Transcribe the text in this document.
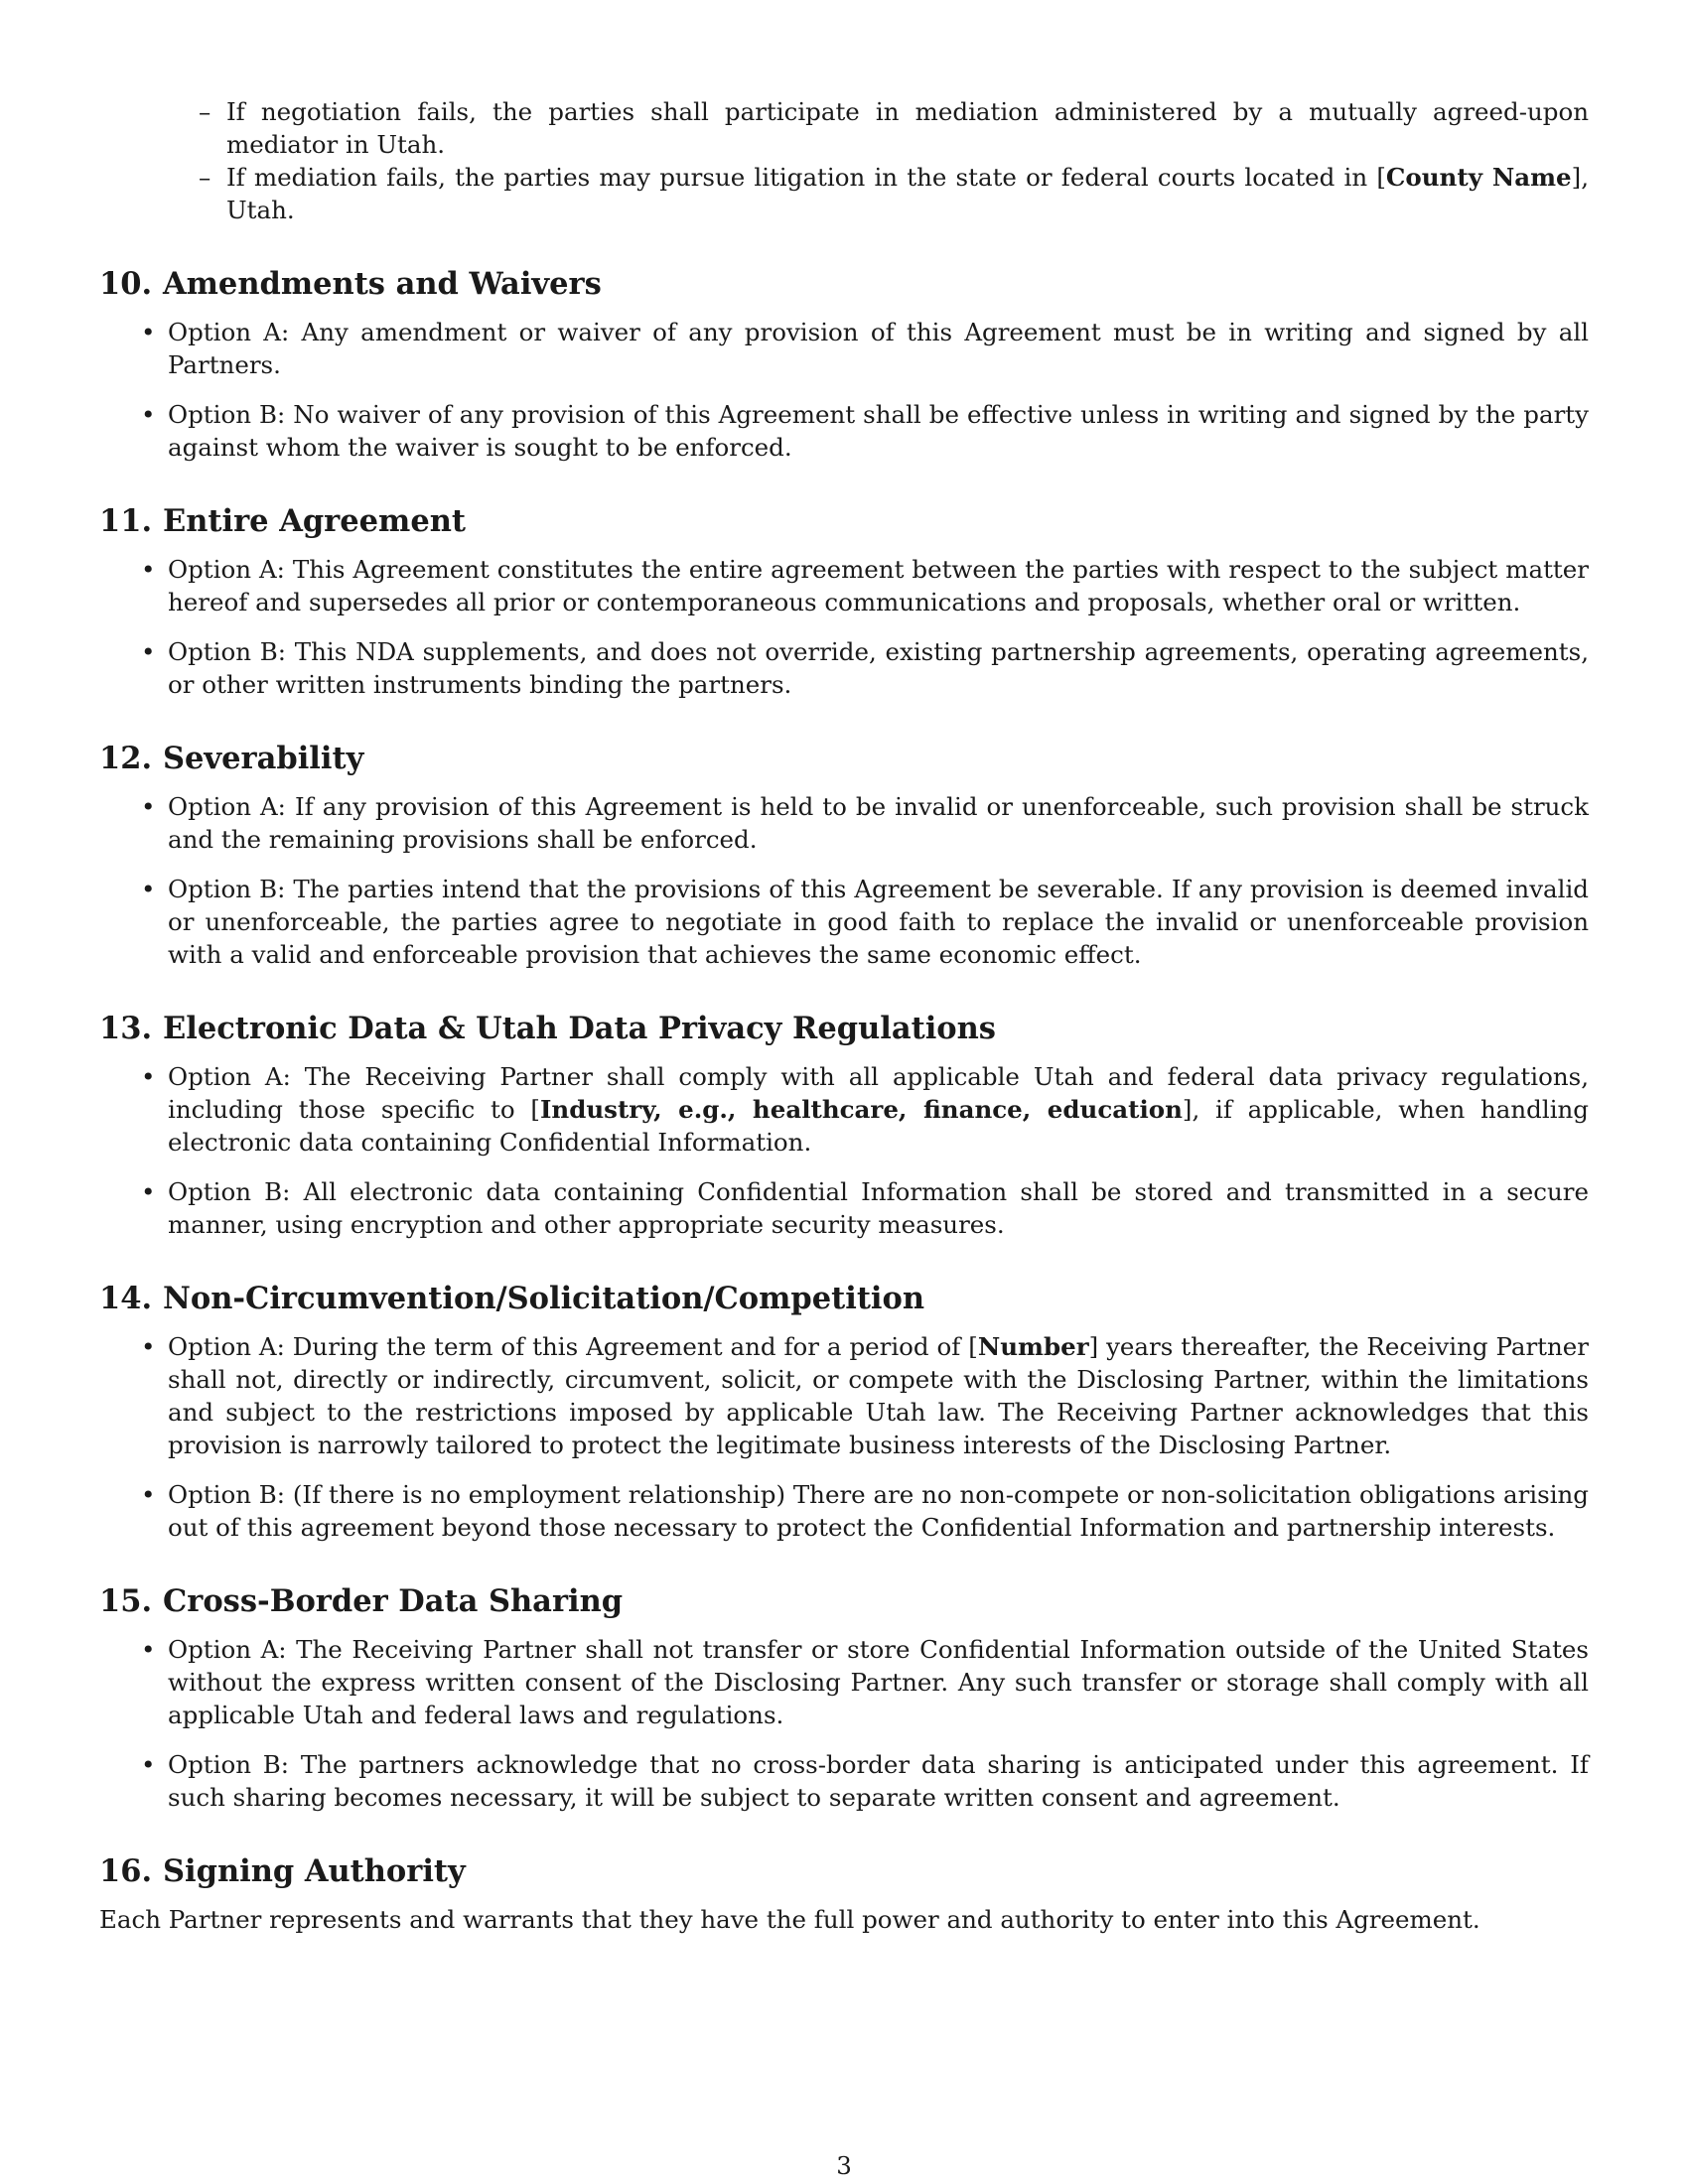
– If negotiation fails, the parties shall participate in mediation administered by a mutually agreed-upon mediator in Utah.
– If mediation fails, the parties may pursue litigation in the state or federal courts located in [County Name], Utah.
10. Amendments and Waivers
• Option A: Any amendment or waiver of any provision of this Agreement must be in writing and signed by all Partners.
• Option B: No waiver of any provision of this Agreement shall be effective unless in writing and signed by the party against whom the waiver is sought to be enforced.
11. Entire Agreement
• Option A: This Agreement constitutes the entire agreement between the parties with respect to the subject matter hereof and supersedes all prior or contemporaneous communications and proposals, whether oral or written.
• Option B: This NDA supplements, and does not override, existing partnership agreements, operating agreements, or other written instruments binding the partners.
12. Severability
• Option A: If any provision of this Agreement is held to be invalid or unenforceable, such provision shall be struck and the remaining provisions shall be enforced.
• Option B: The parties intend that the provisions of this Agreement be severable. If any provision is deemed invalid or unenforceable, the parties agree to negotiate in good faith to replace the invalid or unenforceable provision with a valid and enforceable provision that achieves the same economic effect.
13. Electronic Data & Utah Data Privacy Regulations
• Option A: The Receiving Partner shall comply with all applicable Utah and federal data privacy regulations, including those specific to [Industry, e.g., healthcare, finance, education], if applicable, when handling electronic data containing Confidential Information.
• Option B: All electronic data containing Confidential Information shall be stored and transmitted in a secure manner, using encryption and other appropriate security measures.
14. Non-Circumvention/Solicitation/Competition
• Option A: During the term of this Agreement and for a period of [Number] years thereafter, the Receiving Partner shall not, directly or indirectly, circumvent, solicit, or compete with the Disclosing Partner, within the limitations and subject to the restrictions imposed by applicable Utah law. The Receiving Partner acknowledges that this provision is narrowly tailored to protect the legitimate business interests of the Disclosing Partner.
• Option B: (If there is no employment relationship) There are no non-compete or non-solicitation obligations arising out of this agreement beyond those necessary to protect the Confidential Information and partnership interests.
15. Cross-Border Data Sharing
• Option A: The Receiving Partner shall not transfer or store Confidential Information outside of the United States without the express written consent of the Disclosing Partner. Any such transfer or storage shall comply with all applicable Utah and federal laws and regulations.
• Option B: The partners acknowledge that no cross-border data sharing is anticipated under this agreement. If such sharing becomes necessary, it will be subject to separate written consent and agreement.
16. Signing Authority

Each Partner represents and warrants that they have the full power and authority to enter into this Agreement.

3
